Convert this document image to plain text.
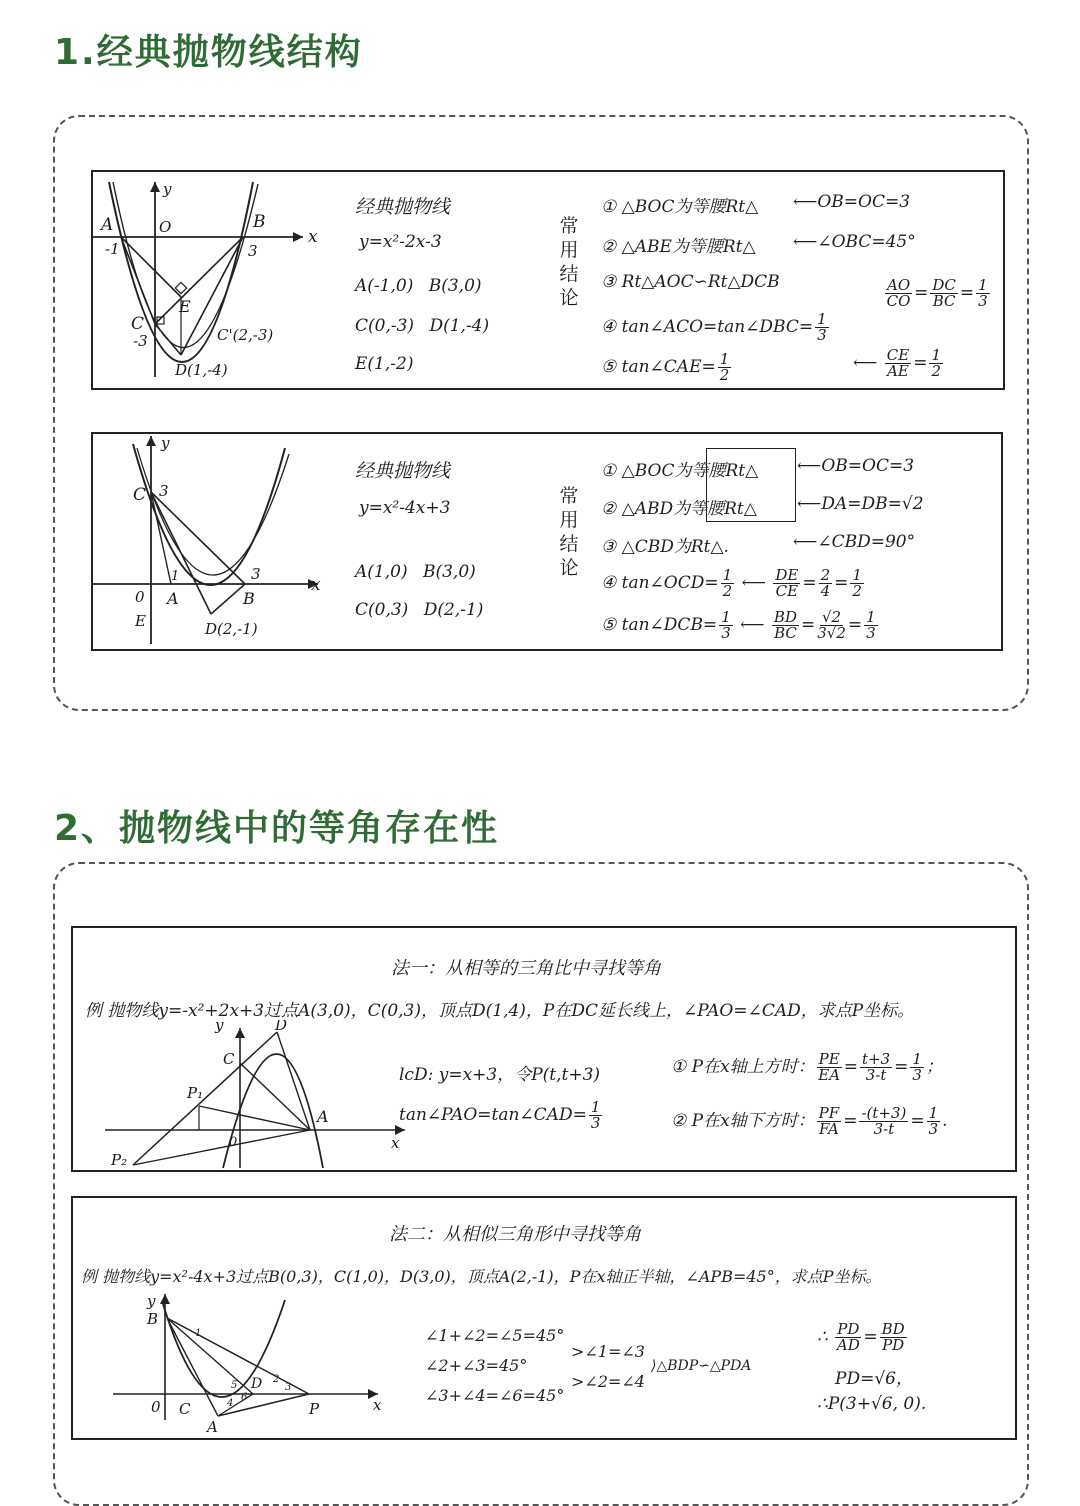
1.经典抛物线结构
A	B
O
y
x
-1	3
C
-3
E
C'(2,-3)
D(1,-4)
经典抛物线
y=x²-2x-3
A(-1,0) B(3,0)
C(0,-3) D(1,-4)
E(1,-2)
常用结论
① △BOC为等腰Rt△ ⟵OB=OC=3
② △ABE为等腰Rt△ ⟵∠OBC=45°
③ Rt△AOC∽Rt△DCB	$\frac{AO}{CO} = \frac{DC}{BC} = \frac{1}{3}$
④ tan∠ACO=tan∠DBC= $\frac{1}{3}$
⑤ tan∠CAE= $\frac{1}{2}$	⟵ $\frac{CE}{AE} = \frac{1}{2}$
C 3
y
x
1	3
A	B
0
E	D(2,-1)
经典抛物线
y=x²-4x+3
A(1,0) B(3,0)
C(0,3) D(2,-1)
常用结论
① △BOC为等腰Rt△ ⟵OB=OC=3
② △ABD为等腰Rt△ ⟵DA=DB=√2
③ △CBD为Rt△.	⟵∠CBD=90°
④ tan∠OCD= $\frac{1}{2}$ ⟵ $\frac{DE}{CE} = \frac{2}{4} = \frac{1}{2}$
⑤ tan∠DCB= $\frac{1}{3}$ ⟵ $\frac{BD}{BC} = \frac{√2}{3√2} = \frac{1}{3}$
2、抛物线中的等角存在性
法一：从相等的三角比中寻找等角
例 抛物线y=-x²+2x+3过点A(3,0)，C(0,3)，顶点D(1,4)，P在DC延长线上，∠PAO=∠CAD，求点P坐标。
y	D
C
P₁
A
0	x
P₂
lcD: y=x+3，令P(t,t+3)
tan∠PAO=tan∠CAD= $\frac{1}{3}$
① P在x轴上方时： $\frac{PE}{EA} = \frac{t+3}{3-t} = \frac{1}{3}$ ；
② P在x轴下方时： $\frac{PF}{FA} = \frac{-(t+3)}{3-t} = \frac{1}{3}$ .
法二：从相似三角形中寻找等角
例 抛物线y=x²-4x+3过点B(0,3)，C(1,0)，D(3,0)，顶点A(2,-1)，P在x轴正半轴，∠APB=45°，求点P坐标。
y
B
0 C
D
A
P	x
1
2
3
4
5
6
∠1+∠2=∠5=45°
∠2+∠3=45°
∠3+∠4=∠6=45°
>∠1=∠3
>∠2=∠4
⟩△BDP∽△PDA
∴ $\frac{PD}{AD} = \frac{BD}{PD}$
PD=√6，
∴P(3+√6, 0).
